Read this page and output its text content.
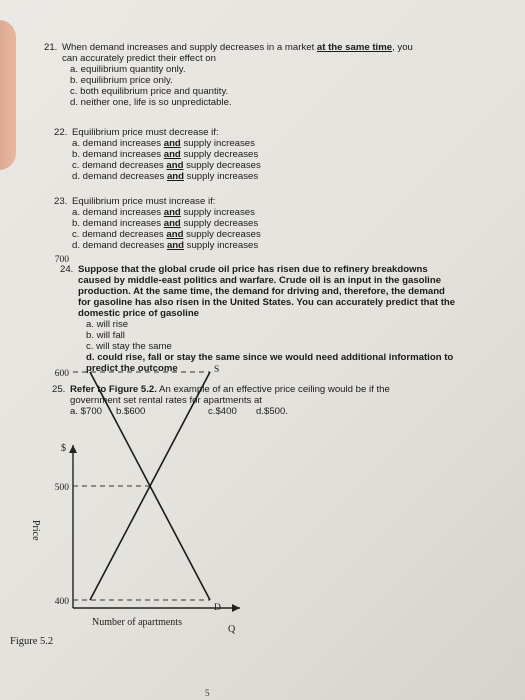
21. When demand increases and supply decreases in a market at the same time, you
can accurately predict their effect on
a. equilibrium quantity only.
b. equilibrium price only.
c. both equilibrium price and quantity.
d. neither one, life is so unpredictable.
22. Equilibrium price must decrease if:
a. demand increases and supply increases
b. demand increases and supply decreases
c. demand decreases and supply decreases
d. demand decreases and supply increases
23. Equilibrium price must increase if:
a. demand increases and supply increases
b. demand increases and supply decreases
c. demand decreases and supply decreases
d. demand decreases and supply increases
24. Suppose that the global crude oil price has risen due to refinery breakdowns
caused by middle-east politics and warfare. Crude oil is an input in the gasoline
production. At the same time, the demand for driving and, therefore, the demand
for gasoline has also risen in the United States. You can accurately predict that the
domestic price of gasoline
a. will rise
b. will fall
c. will stay the same
d. could rise, fall or stay the same since we would need additional information to
predict the outcome
25. Refer to Figure 5.2. An example of an effective price ceiling would be if the
government set rental rates for apartments at
a. $700 b.$600	c.$400 d.$500.
$
Price
Number of apartments
Q
400
500
600
700
S
D
Figure 5.2
5
